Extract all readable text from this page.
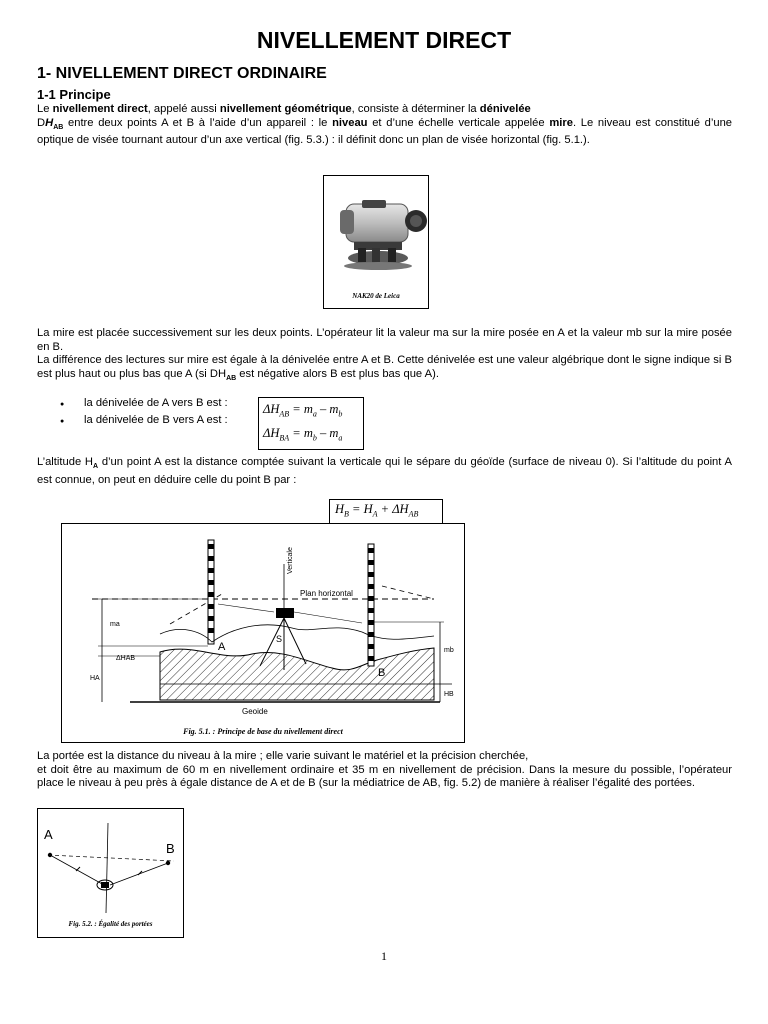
NIVELLEMENT DIRECT
1- NIVELLEMENT DIRECT ORDINAIRE
1-1 Principe

Le nivellement direct, appelé aussi nivellement géométrique, consiste à déterminer la dénivelée

$DH_{AB}$ entre deux points A et B à l’aide d’un appareil : le niveau et d’une échelle verticale appelée mire. Le niveau est constitué d’une optique de visée tournant autour d’un axe vertical (fig. 5.3.) : il définit donc un plan de visée horizontal (fig. 5.1.).

NAK20 de Leica

La mire est placée successivement sur les deux points. L’opérateur lit la valeur ma sur la mire posée en A et la valeur mb sur la mire posée en B.

La différence des lectures sur mire est égale à la dénivelée entre A et B. Cette dénivelée est une valeur algébrique dont le signe indique si B est plus haut ou plus bas que A (si $DH_{AB}$ est négative alors B est plus bas que A).

● la dénivelée de A vers B est :
● la dénivelée de B vers A est :
$\Delta H_{AB} = m_a - m_b$
$\Delta H_{BA} = m_b - m_a$

L’altitude $H_A$ d’un point A est la distance comptée suivant la verticale qui le sépare du géoïde (surface de niveau 0). Si l’altitude du point A est connue, on peut en déduire celle du point B par :

$H_B = H_A + \Delta H_{AB}$
Verticale
Plan horizontal
ma
mb
ΔHAB
HA
HB
A
B
S
Geoide
Fig. 5.1. : Principe de base du nivellement direct

La portée est la distance du niveau à la mire ; elle varie suivant le matériel et la précision cherchée,

et doit être au maximum de 60 m en nivellement ordinaire et 35 m en nivellement de précision. Dans la mesure du possible, l’opérateur place le niveau à peu près à égale distance de A et de B (sur la médiatrice de AB, fig. 5.2) de manière à réaliser l’égalité des portées.

A
B
Fig. 5.2. : Égalité des portées
1
